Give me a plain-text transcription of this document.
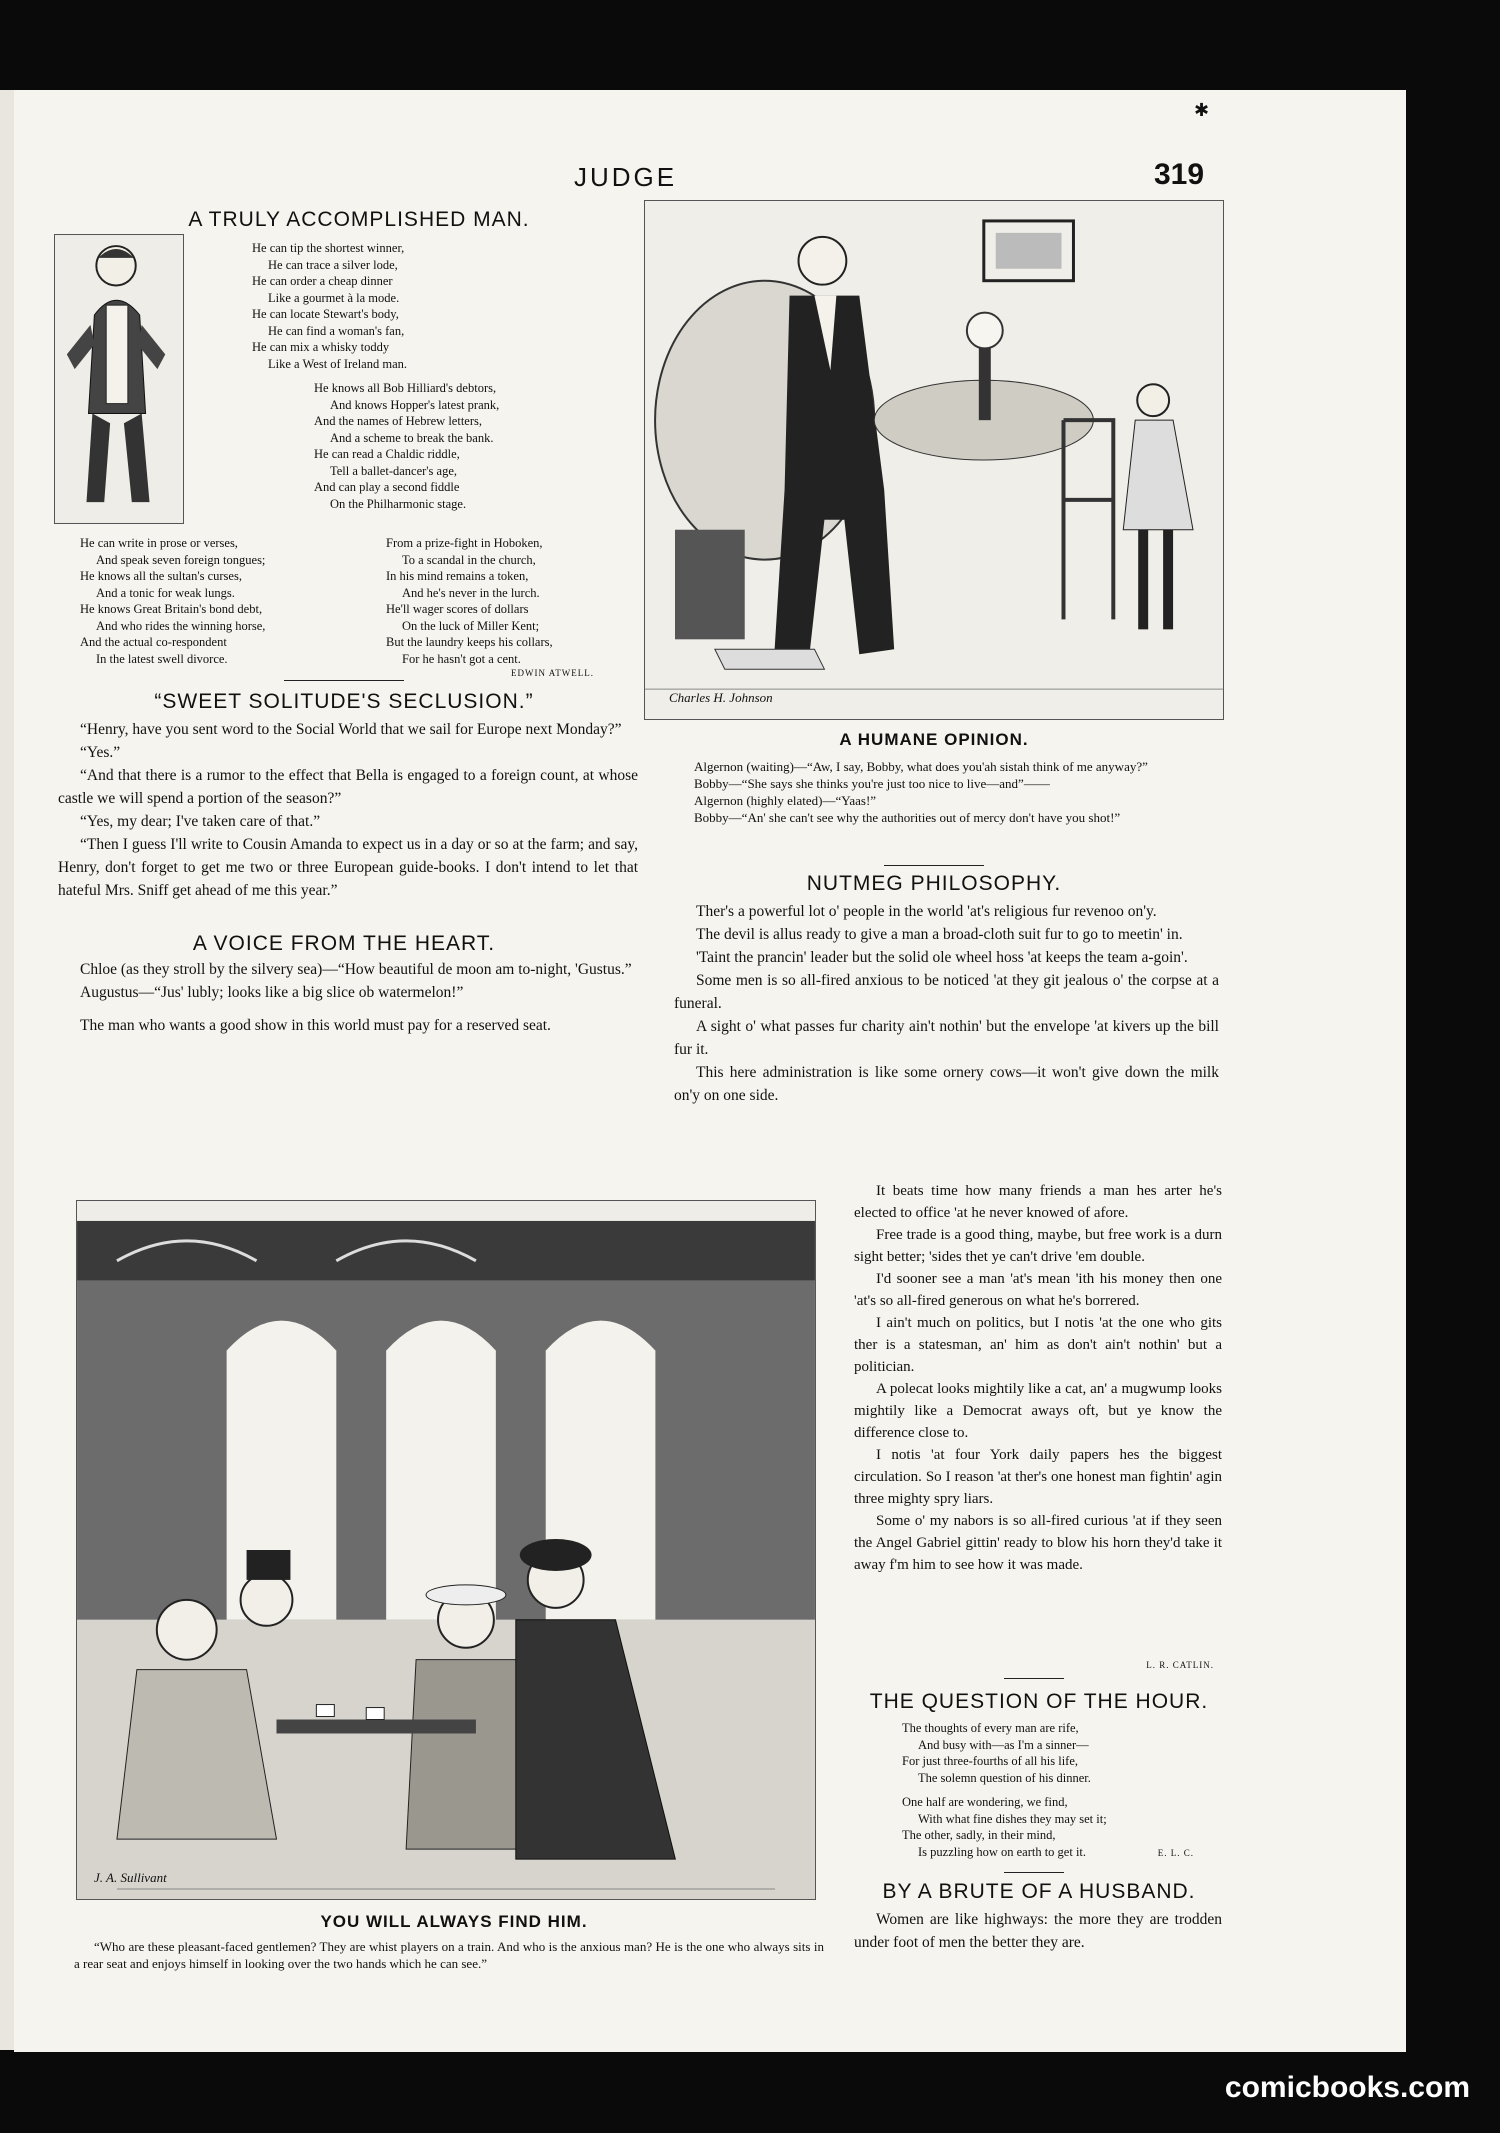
JUDGE	319
✱
A TRULY ACCOMPLISHED MAN.
He can tip the shortest winner,
He can trace a silver lode,
He can order a cheap dinner
Like a gourmet à la mode.
He can locate Stewart's body,
He can find a woman's fan,
He can mix a whisky toddy
Like a West of Ireland man.
He knows all Bob Hilliard's debtors,
And knows Hopper's latest prank,
And the names of Hebrew letters,
And a scheme to break the bank.
He can read a Chaldic riddle,
Tell a ballet-dancer's age,
And can play a second fiddle
On the Philharmonic stage.
He can write in prose or verses,
And speak seven foreign tongues;
He knows all the sultan's curses,
And a tonic for weak lungs.
He knows Great Britain's bond debt,
And who rides the winning horse,
And the actual co-respondent
In the latest swell divorce.
From a prize-fight in Hoboken,
To a scandal in the church,
In his mind remains a token,
And he's never in the lurch.
He'll wager scores of dollars
On the luck of Miller Kent;
But the laundry keeps his collars,
For he hasn't got a cent.
EDWIN ATWELL.
“SWEET SOLITUDE'S SECLUSION.”

“Henry, have you sent word to the Social World that we sail for Europe next Monday?”

“Yes.”

“And that there is a rumor to the effect that Bella is engaged to a foreign count, at whose castle we will spend a portion of the season?”

“Yes, my dear; I've taken care of that.”

“Then I guess I'll write to Cousin Amanda to expect us in a day or so at the farm; and say, Henry, don't forget to get me two or three European guide-books. I don't intend to let that hateful Mrs. Sniff get ahead of me this year.”

A VOICE FROM THE HEART.

Chloe (as they stroll by the silvery sea)—“How beautiful de moon am to-night, 'Gustus.”

Augustus—“Jus' lubly; looks like a big slice ob watermelon!”

The man who wants a good show in this world must pay for a reserved seat.

Charles H. Johnson
A HUMANE OPINION.
Algernon (waiting)—“Aw, I say, Bobby, what does you'ah sistah think of me anyway?”
Bobby—“She says she thinks you're just too nice to live—and”——
Algernon (highly elated)—“Yaas!”
Bobby—“An' she can't see why the authorities out of mercy don't have you shot!”
NUTMEG PHILOSOPHY.

Ther's a powerful lot o' people in the world 'at's religious fur revenoo on'y.

The devil is allus ready to give a man a broad-cloth suit fur to go to meetin' in.

'Taint the prancin' leader but the solid ole wheel hoss 'at keeps the team a-goin'.

Some men is so all-fired anxious to be noticed 'at they git jealous o' the corpse at a funeral.

A sight o' what passes fur charity ain't nothin' but the envelope 'at kivers up the bill fur it.

This here administration is like some ornery cows—it won't give down the milk on'y on one side.

It beats time how many friends a man hes arter he's elected to office 'at he never knowed of afore.

Free trade is a good thing, maybe, but free work is a durn sight better; 'sides thet ye can't drive 'em double.

I'd sooner see a man 'at's mean 'ith his money then one 'at's so all-fired generous on what he's borrered.

I ain't much on politics, but I notis 'at the one who gits ther is a statesman, an' him as don't ain't nothin' but a politician.

A polecat looks mightily like a cat, an' a mugwump looks mightily like a Democrat aways oft, but ye know the difference close to.

I notis 'at four York daily papers hes the biggest circulation. So I reason 'at ther's one honest man fightin' agin three mighty spry liars.

Some o' my nabors is so all-fired curious 'at if they seen the Angel Gabriel gittin' ready to blow his horn they'd take it away f'm him to see how it was made.

L. R. CATLIN.
J. A. Sullivant
YOU WILL ALWAYS FIND HIM.
“Who are these pleasant-faced gentlemen? They are whist players on a train. And who is the anxious man? He is the one who always sits in a rear seat and enjoys himself in looking over the two hands which he can see.”
THE QUESTION OF THE HOUR.
The thoughts of every man are rife,
And busy with—as I'm a sinner—
For just three-fourths of all his life,
The solemn question of his dinner.
One half are wondering, we find,
With what fine dishes they may set it;
The other, sadly, in their mind,
Is puzzling how on earth to get it.	E. L. C.
BY A BRUTE OF A HUSBAND.

Women are like highways: the more they are trodden under foot of men the better they are.

comicbooks.com
